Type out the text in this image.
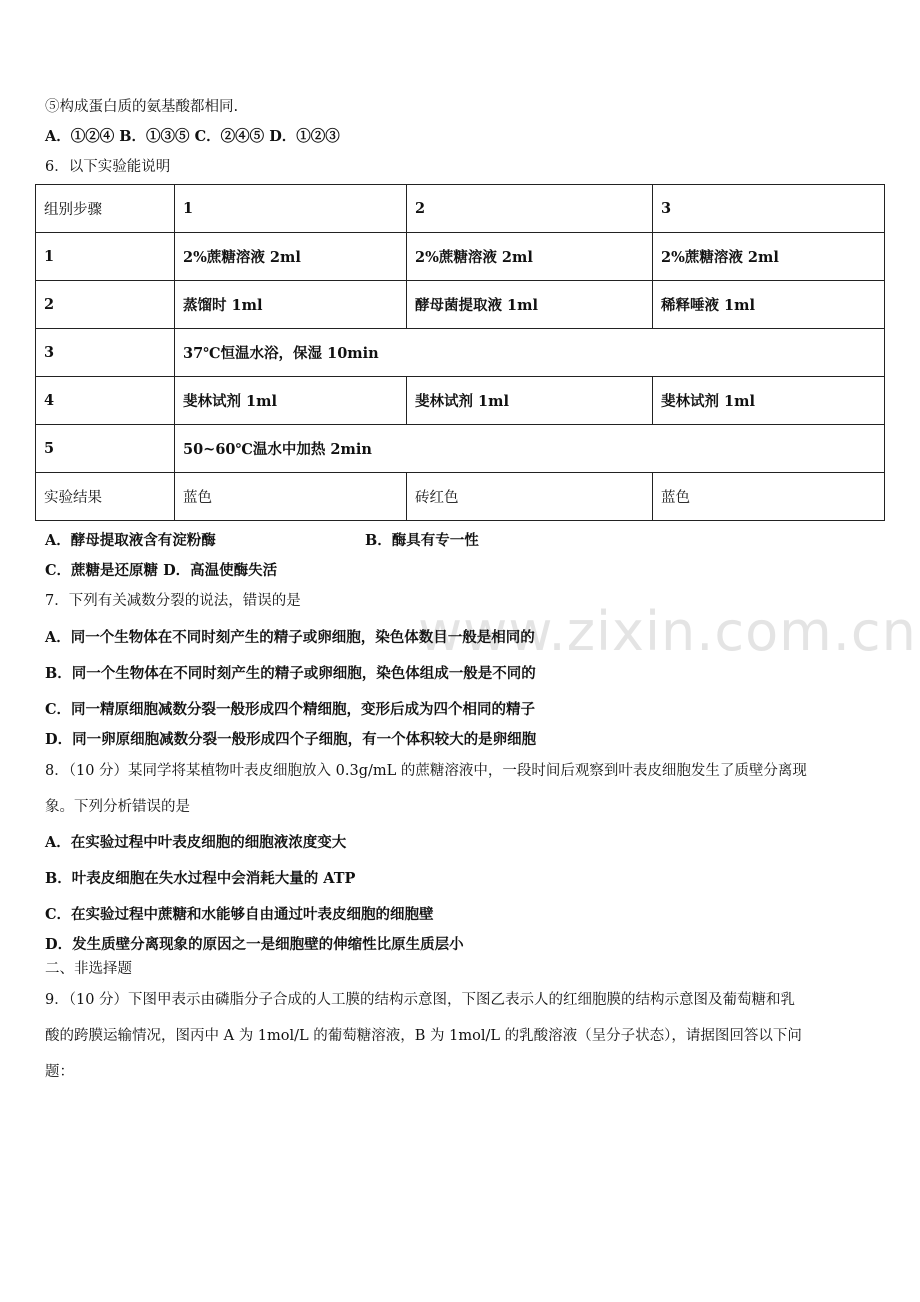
www.zixin.com.cn
⑤构成蛋白质的氨基酸都相同.
A．①②④ B．①③⑤ C．②④⑤ D．①②③
6．以下实验能说明
组别步骤	1	2	3
1	2%蔗糖溶液 2ml	2%蔗糖溶液 2ml	2%蔗糖溶液 2ml
2	蒸馏时 1ml	酵母菌提取液 1ml	稀释唾液 1ml
3	37℃恒温水浴，保湿 10min		
4	斐林试剂 1ml	斐林试剂 1ml	斐林试剂 1ml
5	50~60℃温水中加热 2min		
实验结果	蓝色	砖红色	蓝色
A．酵母提取液含有淀粉酶	B．酶具有专一性
C．蔗糖是还原糖 D．高温使酶失活
7．下列有关减数分裂的说法，错误的是
A．同一个生物体在不同时刻产生的精子或卵细胞，染色体数目一般是相同的
B．同一个生物体在不同时刻产生的精子或卵细胞，染色体组成一般是不同的
C．同一精原细胞减数分裂一般形成四个精细胞，变形后成为四个相同的精子
D．同一卵原细胞减数分裂一般形成四个子细胞，有一个体积较大的是卵细胞
8．（10 分）某同学将某植物叶表皮细胞放入 0.3g/mL 的蔗糖溶液中，一段时间后观察到叶表皮细胞发生了质壁分离现
象。下列分析错误的是
A．在实验过程中叶表皮细胞的细胞液浓度变大
B．叶表皮细胞在失水过程中会消耗大量的 ATP
C．在实验过程中蔗糖和水能够自由通过叶表皮细胞的细胞壁
D．发生质壁分离现象的原因之一是细胞壁的伸缩性比原生质层小
二、非选择题
9．（10 分）下图甲表示由磷脂分子合成的人工膜的结构示意图，下图乙表示人的红细胞膜的结构示意图及葡萄糖和乳
酸的跨膜运输情况，图丙中 A 为 1mol/L 的葡萄糖溶液，B 为 1mol/L 的乳酸溶液（呈分子状态），请据图回答以下问
题：
